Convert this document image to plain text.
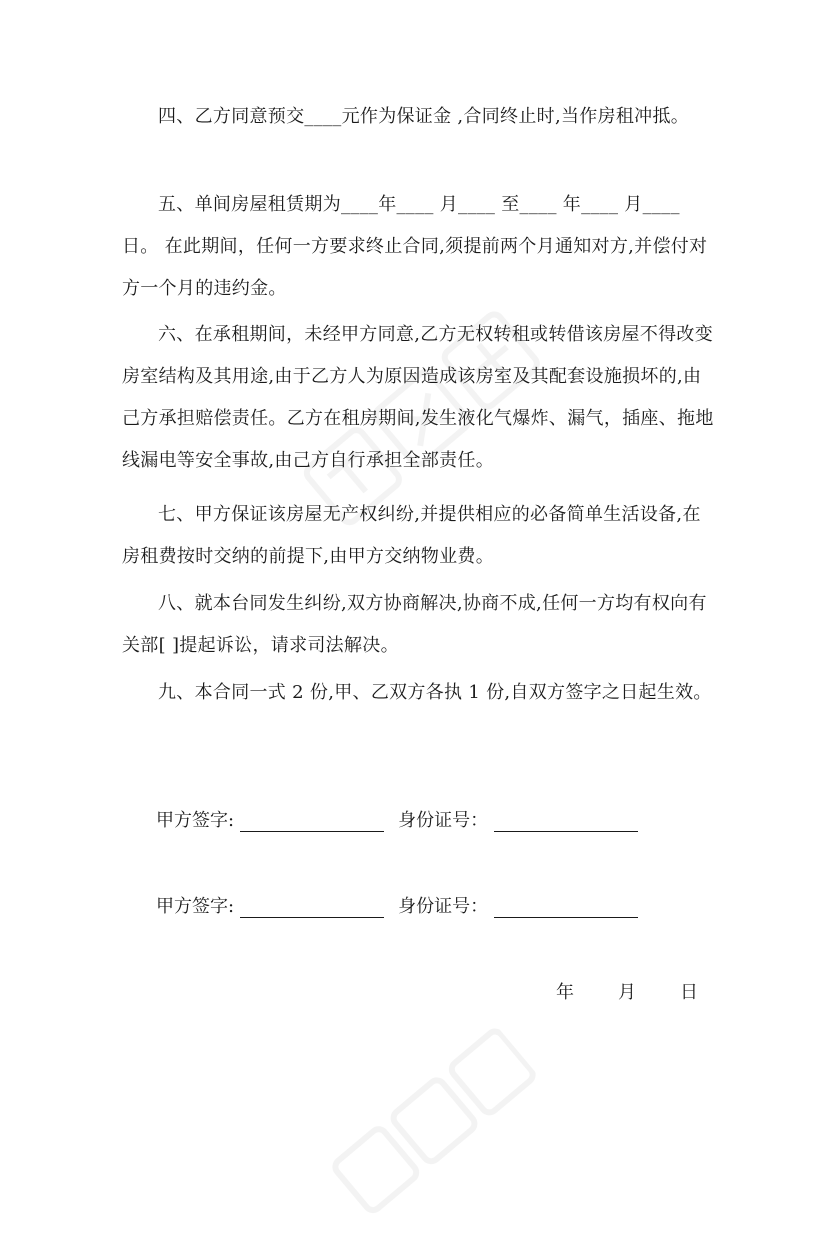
四、乙方同意预交____元作为保证金 ,合同终止时,当作房租冲抵。

五、单间房屋租赁期为____年____ 月____ 至____ 年____ 月____ 日。 在此期间，任何一方要求终止合同,须提前两个月通知对方,并偿付对方一个月的违约金。

六、在承租期间，未经甲方同意,乙方无权转租或转借该房屋不得改变房室结构及其用途,由于乙方人为原因造成该房室及其配套设施损坏的,由己方承担赔偿责任。乙方在租房期间,发生液化气爆炸、漏气，插座、拖地线漏电等安全事故,由己方自行承担全部责任。

七、甲方保证该房屋无产权纠纷,并提供相应的必备简单生活设备,在房租费按时交纳的前提下,由甲方交纳物业费。

八、就本台同发生纠纷,双方协商解决,协商不成,任何一方均有权向有关部[ ]提起诉讼，请求司法解决。

九、本合同一式 2 份,甲、乙双方各执 1 份,自双方签字之日起生效。

甲方签字:	身份证号：
甲方签字:	身份证号：
年 月 日
